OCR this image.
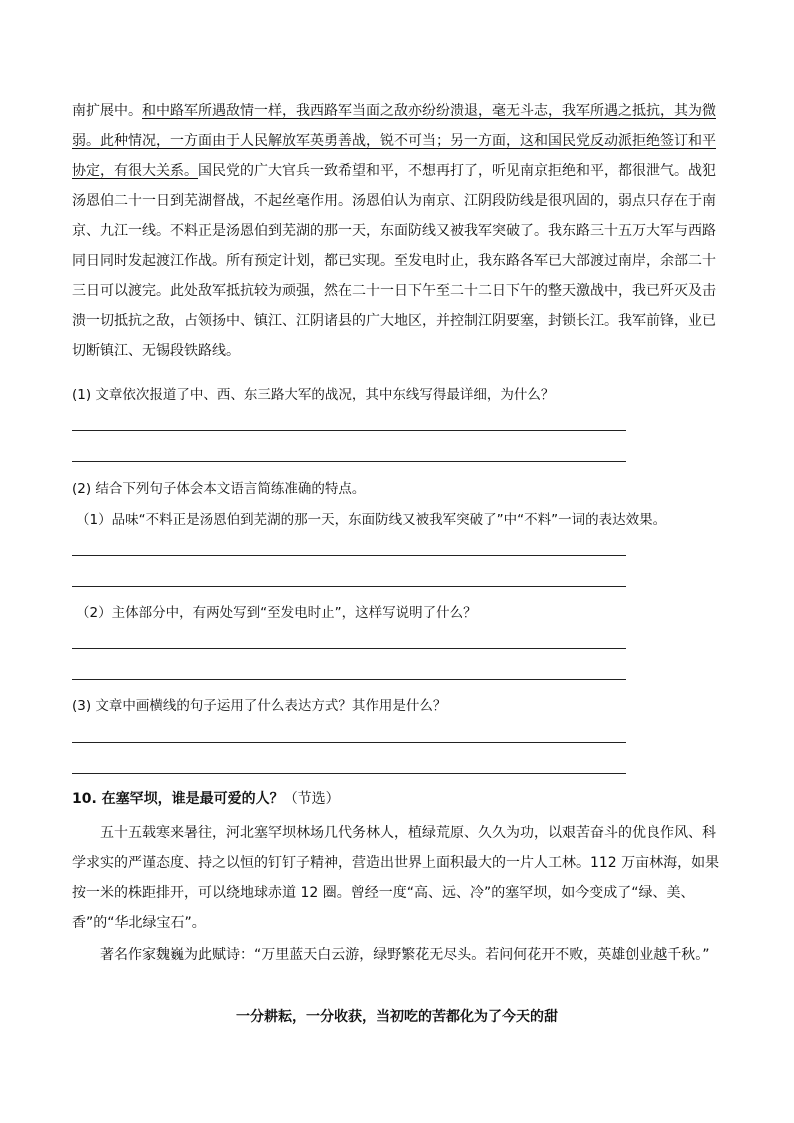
南扩展中。和中路军所遇敌情一样，我西路军当面之敌亦纷纷溃退，毫无斗志，我军所遇之抵抗，其为微弱。此种情况，一方面由于人民解放军英勇善战，锐不可当；另一方面，这和国民党反动派拒绝签订和平协定，有很大关系。国民党的广大官兵一致希望和平，不想再打了，听见南京拒绝和平，都很泄气。战犯汤恩伯二十一日到芜湖督战，不起丝毫作用。汤恩伯认为南京、江阴段防线是很巩固的，弱点只存在于南京、九江一线。不料正是汤恩伯到芜湖的那一天，东面防线又被我军突破了。我东路三十五万大军与西路同日同时发起渡江作战。所有预定计划，都已实现。至发电时止，我东路各军已大部渡过南岸，余部二十三日可以渡完。此处敌军抵抗较为顽强，然在二十一日下午至二十二日下午的整天激战中，我已歼灭及击溃一切抵抗之敌，占领扬中、镇江、江阴诸县的广大地区，并控制江阴要塞，封锁长江。我军前锋，业已切断镇江、无锡段铁路线。

(1) 文章依次报道了中、西、东三路大军的战况，其中东线写得最详细，为什么？

(2) 结合下列句子体会本文语言简练准确的特点。

（1）品味“不料正是汤恩伯到芜湖的那一天，东面防线又被我军突破了”中“不料”一词的表达效果。

（2）主体部分中，有两处写到“至发电时止”，这样写说明了什么？

(3) 文章中画横线的句子运用了什么表达方式？其作用是什么？

10. 在塞罕坝，谁是最可爱的人？（节选）

五十五载寒来暑往，河北塞罕坝林场几代务林人，植绿荒原、久久为功，以艰苦奋斗的优良作风、科学求实的严谨态度、持之以恒的钉钉子精神，营造出世界上面积最大的一片人工林。112 万亩林海，如果按一米的株距排开，可以绕地球赤道 12 圈。曾经一度“高、远、冷”的塞罕坝，如今变成了“绿、美、香”的“华北绿宝石”。

著名作家魏巍为此赋诗：“万里蓝天白云游，绿野繁花无尽头。若问何花开不败，英雄创业越千秋。”

一分耕耘，一分收获，当初吃的苦都化为了今天的甜
